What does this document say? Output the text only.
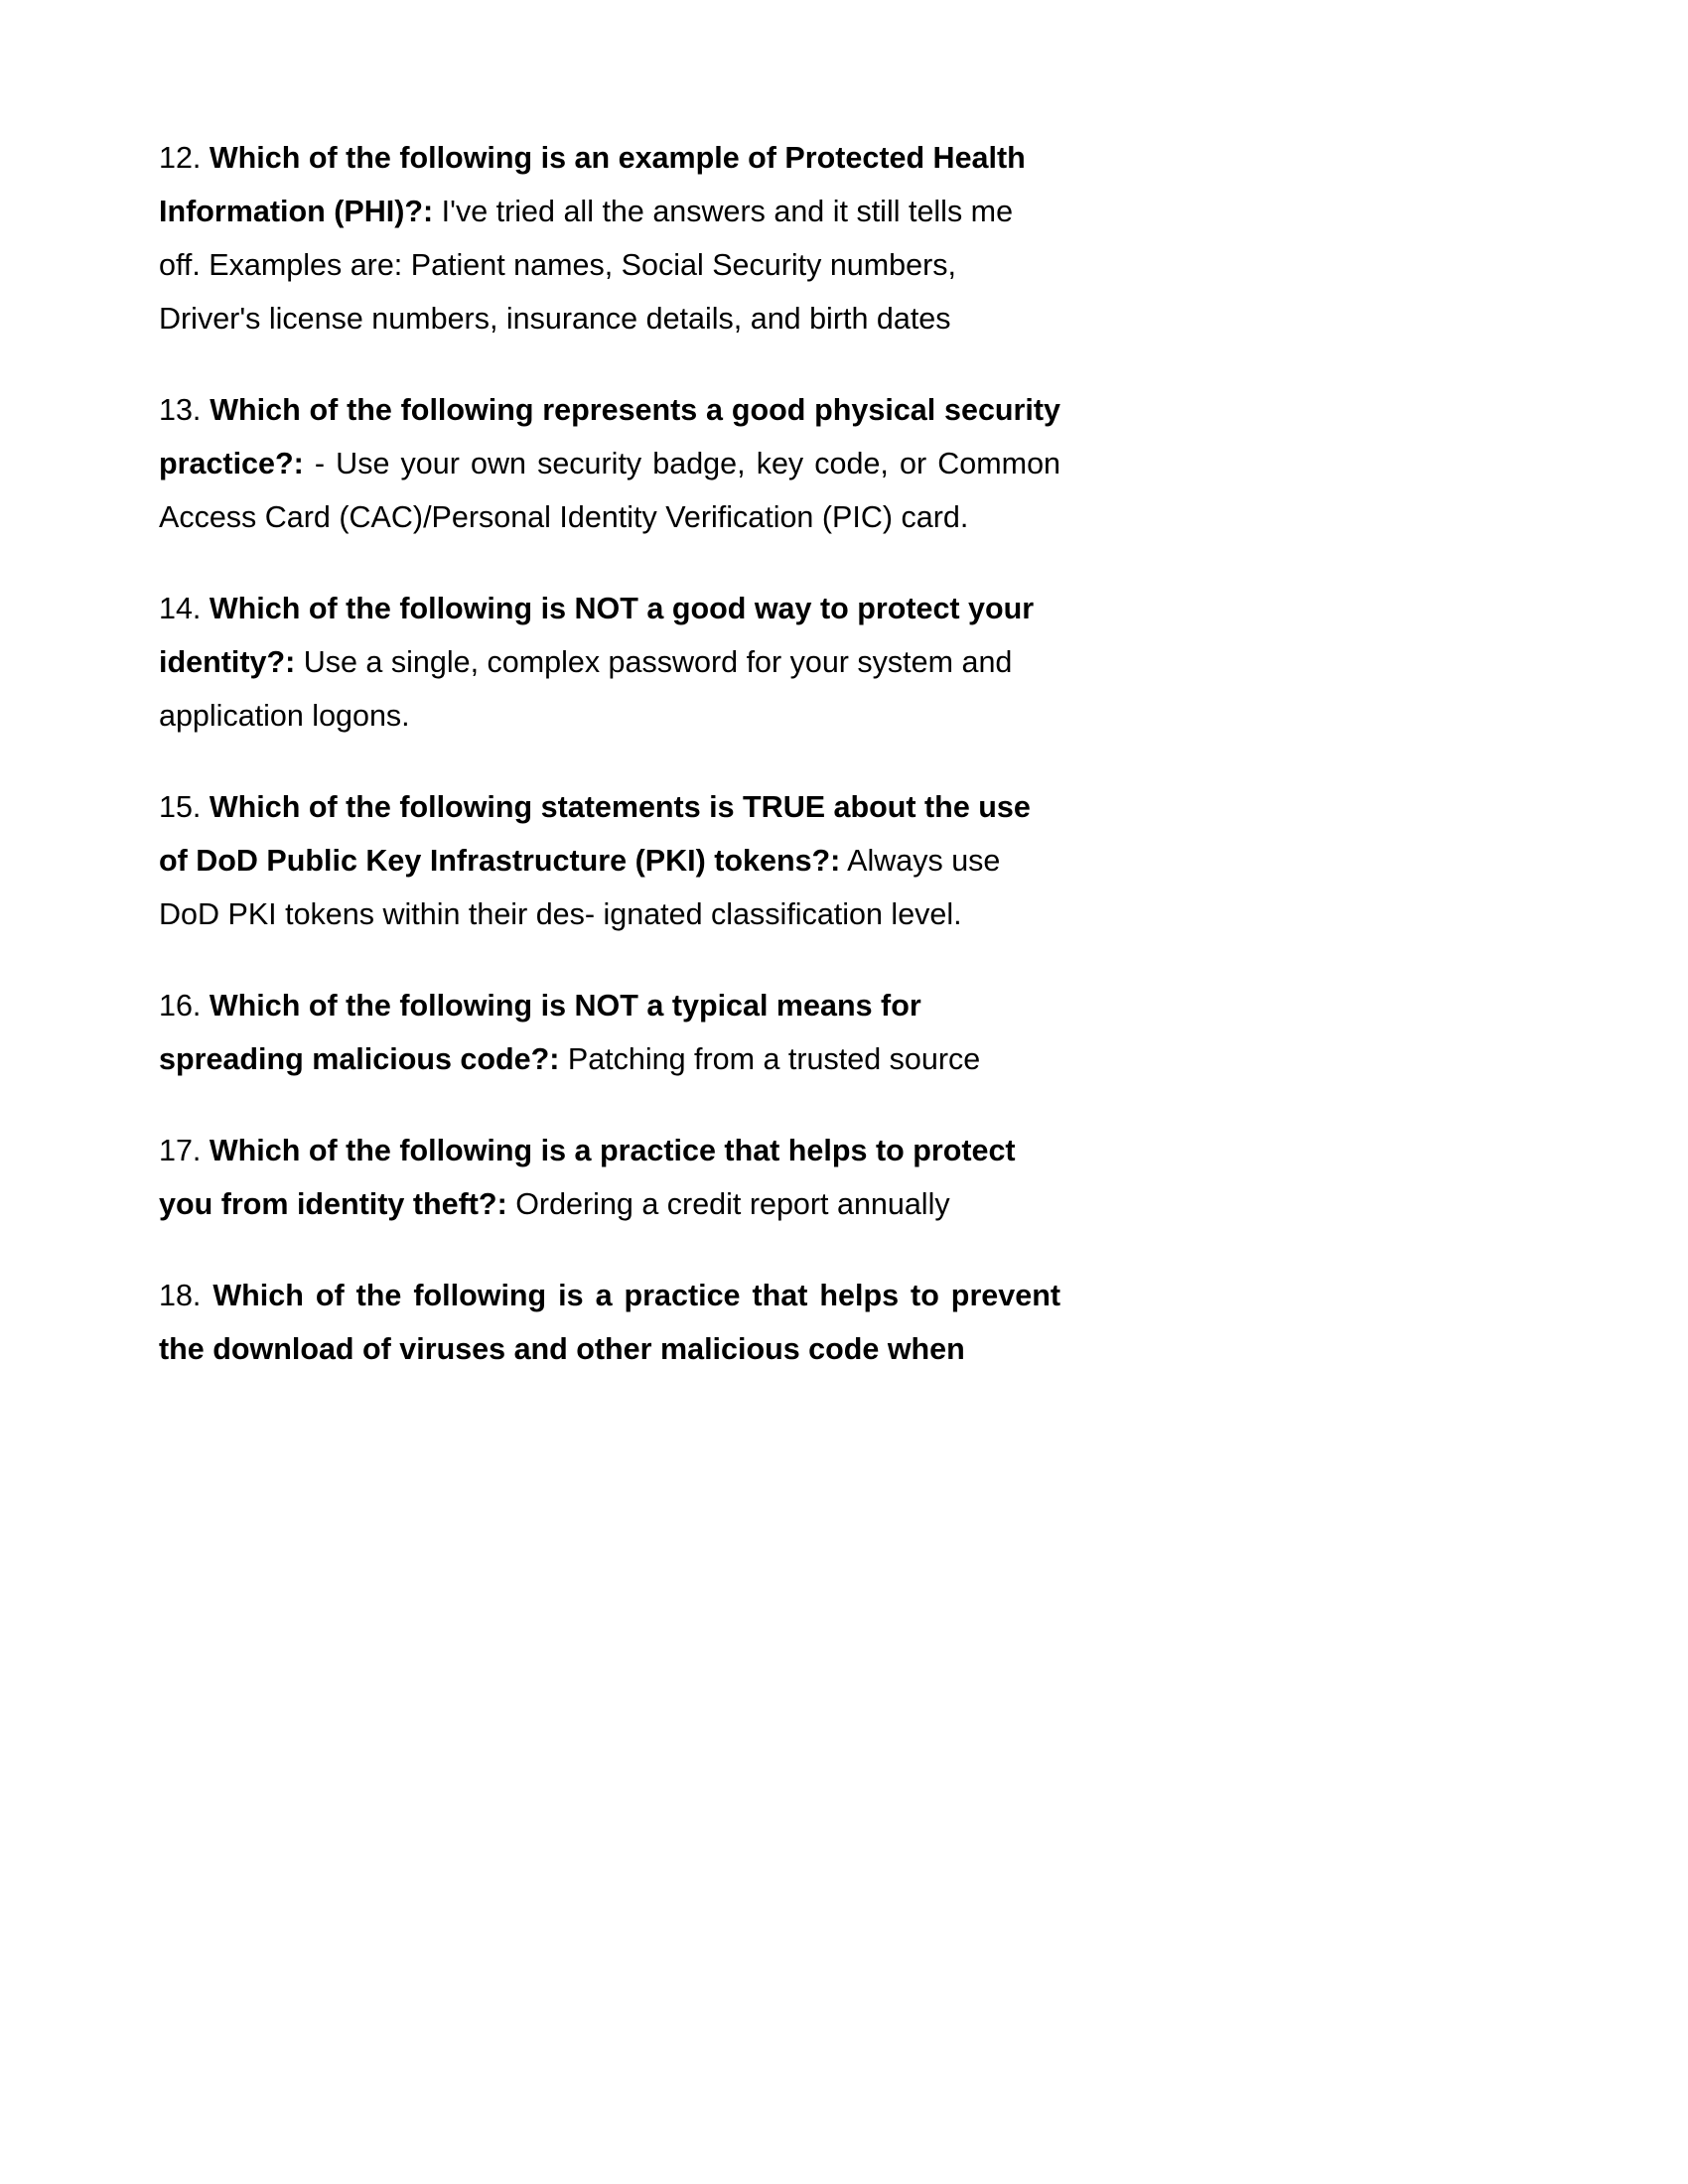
12. Which of the following is an example of Protected Health Information (PHI)?: I've tried all the answers and it still tells me off. Examples are: Patient names, Social Security numbers, Driver's license numbers, insurance details, and birth dates

13. Which of the following represents a good physical security practice?: - Use your own security badge, key code, or Common Access Card (CAC)/Personal Identity Verification (PIC) card.

14. Which of the following is NOT a good way to protect your identity?: Use a single, complex password for your system and application logons.

15. Which of the following statements is TRUE about the use of DoD Public Key Infrastructure (PKI) tokens?: Always use DoD PKI tokens within their des- ignated classification level.

16. Which of the following is NOT a typical means for spreading malicious code?: Patching from a trusted source

17. Which of the following is a practice that helps to protect you from identity theft?: Ordering a credit report annually

18. Which of the following is a practice that helps to prevent the download of viruses and other malicious code when
